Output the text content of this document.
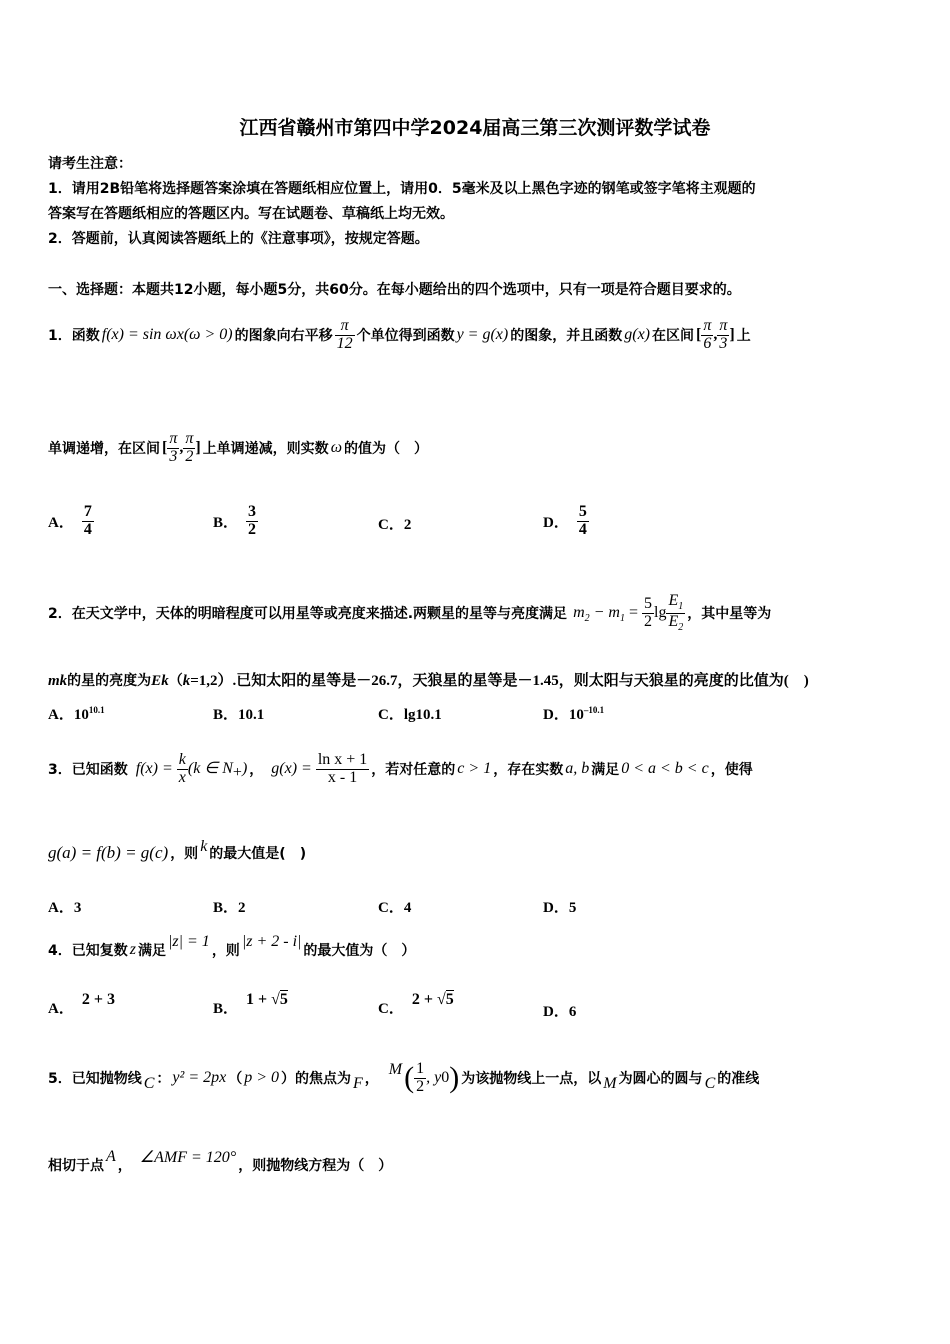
江西省赣州市第四中学2024届高三第三次测评数学试卷
请考生注意：
1．请用2B铅笔将选择题答案涂填在答题纸相应位置上，请用0．5毫米及以上黑色字迹的钢笔或签字笔将主观题的
答案写在答题纸相应的答题区内。写在试题卷、草稿纸上均无效。
2．答题前，认真阅读答题纸上的《注意事项》，按规定答题。
一、选择题：本题共12小题，每小题5分，共60分。在每小题给出的四个选项中，只有一项是符合题目要求的。
1．函数 f(x) = sin ωx(ω > 0) 的图象向右平移 $\frac{\pi}{12}$ 个单位得到函数 y = g(x) 的图象，并且函数 g(x) 在区间 [ $\frac{\pi}{6}$ , $\frac{\pi}{3}$ ] 上
单调递增，在区间 [ $\frac{\pi}{3}$ , $\frac{\pi}{2}$ ] 上单调递减，则实数 ω 的值为（　）
A． $\frac{7}{4}$	B． $\frac{3}{2}$	C．2	D． $\frac{5}{4}$
2．在天文学中，天体的明暗程度可以用星等或亮度来描述.两颗星的星等与亮度满足 $m_2 - m_1 = \frac{5}{2}$ $\lg \frac{E_1}{E_2}$ ，其中星等为
m k 的星的亮度为 E k （ k =1,2）.已知太阳的星等是－26.7，天狼星的星等是－1.45，则太阳与天狼星的亮度的比值为(　)
A．$10^{10.1}$	B．10.1	C．lg10.1	D．$10^{-10.1}$
3．已知函数 $f(x) = \frac{k}{x} (k$ ∈ $N_+$) ， $g(x) = \frac{\text{ln x + 1}}{x - 1}$ ，若对任意的 c > 1 ，存在实数 a, b 满足 0 < a < b < c ，使得
g(a) = f(b) = g(c) ，则 k 的最大值是(　)
A．3	B．2	C．4	D．5
4．已知复数 z 满足
|z| = 1
，则
|z + 2 - i|
的最大值为（　）
A．
2 + 3
B．
1 + √5
C．
2 + √5
D．6
5．已知抛物线 C ： y² = 2px （ p > 0 ）的焦点为 F ，
M ( $\frac{1}{2}$ , y 0 ) 为该抛物线上一点，以 M 为圆心的圆与 C 的准线
相切于点
A
， ∠AMF = 120° ，则抛物线方程为（　）
